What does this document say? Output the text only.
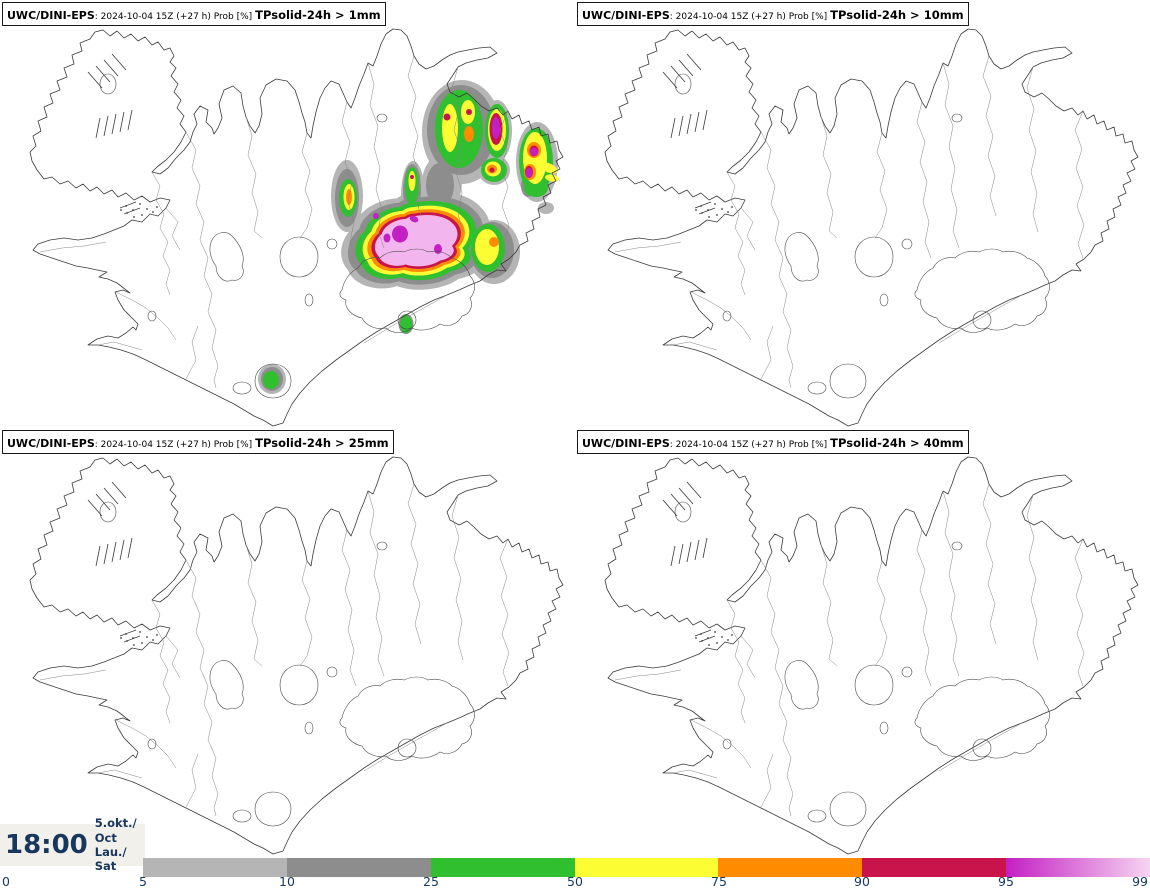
UWC/DINI-EPS: 2024-10-04 15Z (+27 h) Prob [%] TPsolid-24h > 1mm	UWC/DINI-EPS: 2024-10-04 15Z (+27 h) Prob [%] TPsolid-24h > 10mm
UWC/DINI-EPS: 2024-10-04 15Z (+27 h) Prob [%] TPsolid-24h > 25mm	UWC/DINI-EPS: 2024-10-04 15Z (+27 h) Prob [%] TPsolid-24h > 40mm
18:00
5.okt./ Oct
Lau./ Sat
0	5	10	25	50	75	90	95	99
